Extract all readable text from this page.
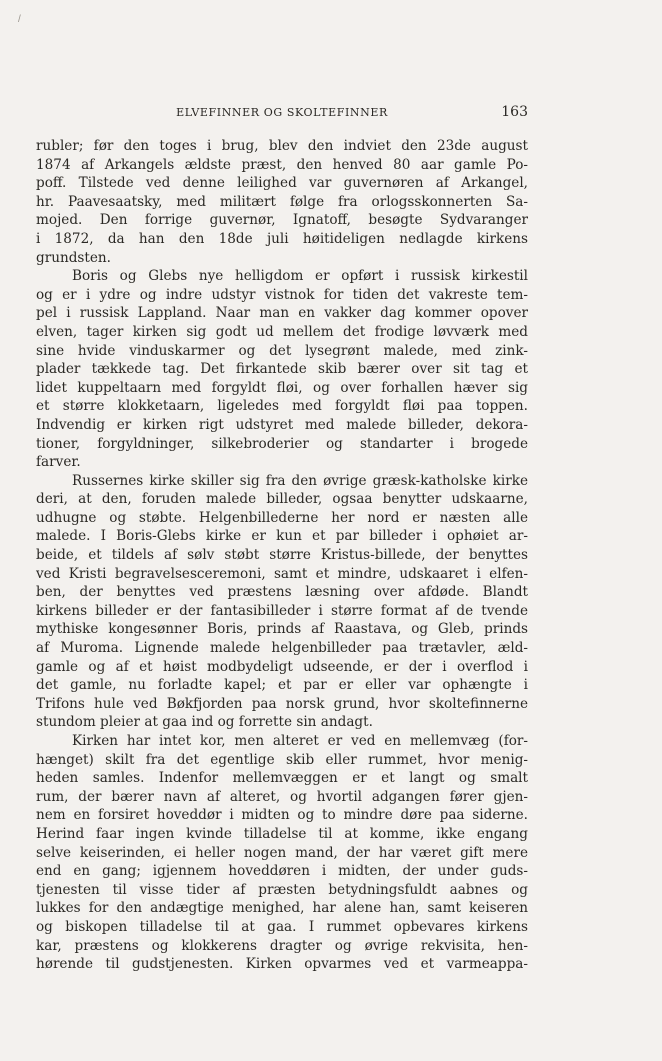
/
ELVEFINNER OG SKOLTEFINNER	163
rubler; før den toges i brug, blev den indviet den 23de august
1874 af Arkangels ældste præst, den henved 80 aar gamle Po-
poff. Tilstede ved denne leilighed var guvernøren af Arkangel,
hr. Paavesaatsky, med militært følge fra orlogsskonnerten Sa-
mojed. Den forrige guvernør, Ignatoff, besøgte Sydvaranger
i 1872, da han den 18de juli høitideligen nedlagde kirkens
grundsten.
Boris og Glebs nye helligdom er opført i russisk kirkestil
og er i ydre og indre udstyr vistnok for tiden det vakreste tem-
pel i russisk Lappland. Naar man en vakker dag kommer opover
elven, tager kirken sig godt ud mellem det frodige løvværk med
sine hvide vinduskarmer og det lysegrønt malede, med zink-
plader tækkede tag. Det firkantede skib bærer over sit tag et
lidet kuppeltaarn med forgyldt fløi, og over forhallen hæver sig
et større klokketaarn, ligeledes med forgyldt fløi paa toppen.
Indvendig er kirken rigt udstyret med malede billeder, dekora-
tioner, forgyldninger, silkebroderier og standarter i brogede
farver.
Russernes kirke skiller sig fra den øvrige græsk-katholske kirke
deri, at den, foruden malede billeder, ogsaa benytter udskaarne,
udhugne og støbte. Helgenbillederne her nord er næsten alle
malede. I Boris-Glebs kirke er kun et par billeder i ophøiet ar-
beide, et tildels af sølv støbt større Kristus-billede, der benyttes
ved Kristi begravelsesceremoni, samt et mindre, udskaaret i elfen-
ben, der benyttes ved præstens læsning over afdøde. Blandt
kirkens billeder er der fantasibilleder i større format af de tvende
mythiske kongesønner Boris, prinds af Raastava, og Gleb, prinds
af Muroma. Lignende malede helgenbilleder paa trætavler, æld-
gamle og af et høist modbydeligt udseende, er der i overflod i
det gamle, nu forladte kapel; et par er eller var ophængte i
Trifons hule ved Bøkfjorden paa norsk grund, hvor skoltefinnerne
stundom pleier at gaa ind og forrette sin andagt.
Kirken har intet kor, men alteret er ved en mellemvæg (for-
hænget) skilt fra det egentlige skib eller rummet, hvor menig-
heden samles. Indenfor mellemvæggen er et langt og smalt
rum, der bærer navn af alteret, og hvortil adgangen fører gjen-
nem en forsiret hoveddør i midten og to mindre døre paa siderne.
Herind faar ingen kvinde tilladelse til at komme, ikke engang
selve keiserinden, ei heller nogen mand, der har været gift mere
end en gang; igjennem hoveddøren i midten, der under guds-
tjenesten til visse tider af præsten betydningsfuldt aabnes og
lukkes for den andægtige menighed, har alene han, samt keiseren
og biskopen tilladelse til at gaa. I rummet opbevares kirkens
kar, præstens og klokkerens dragter og øvrige rekvisita, hen-
hørende til gudstjenesten. Kirken opvarmes ved et varmeappa-
